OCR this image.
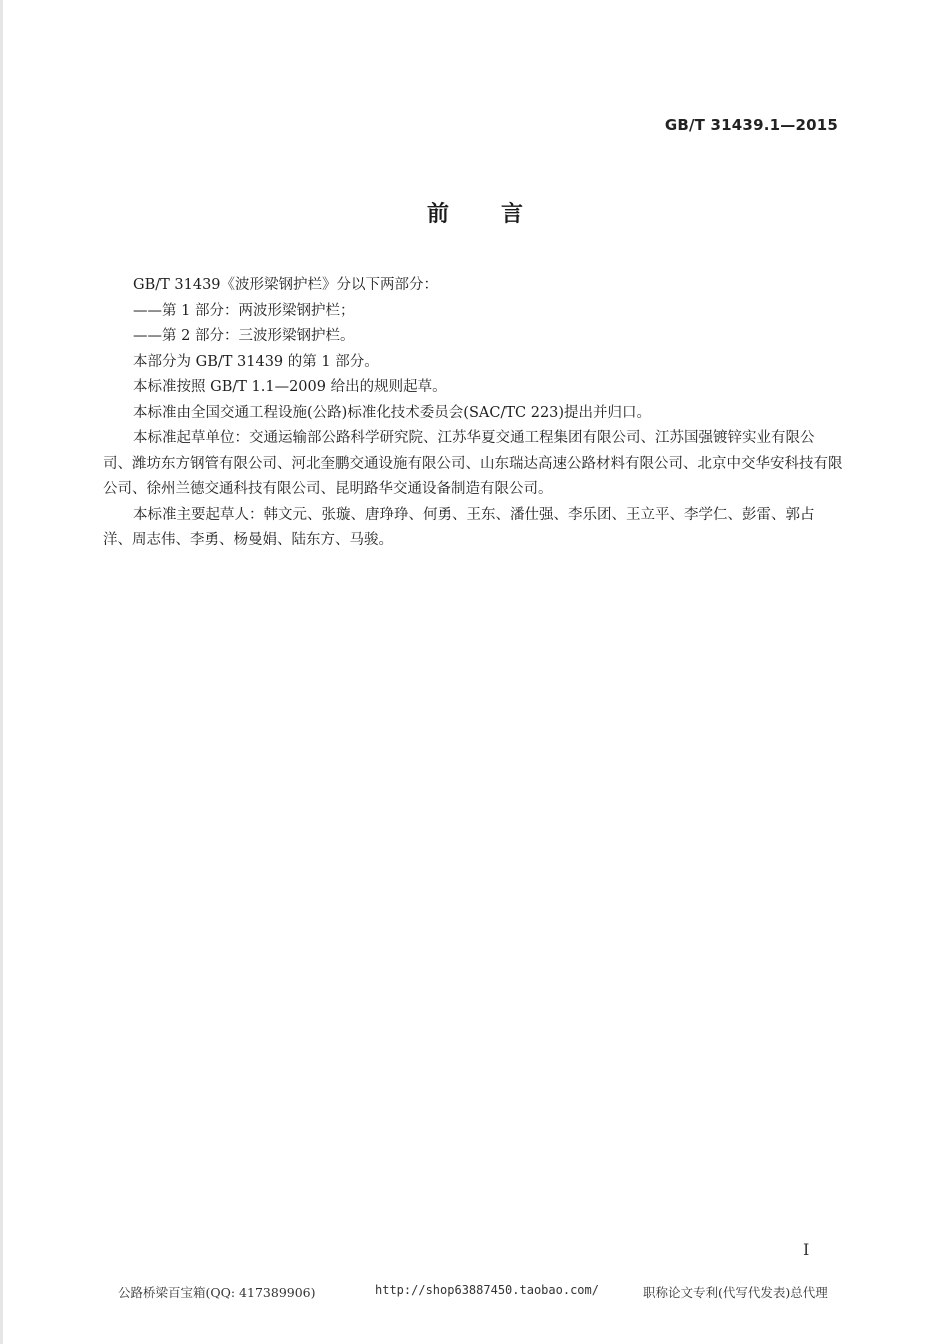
GB/T 31439.1—2015
前言

GB/T 31439《波形梁钢护栏》分以下两部分：

——第 1 部分：两波形梁钢护栏；

——第 2 部分：三波形梁钢护栏。

本部分为 GB/T 31439 的第 1 部分。

本标准按照 GB/T 1.1—2009 给出的规则起草。

本标准由全国交通工程设施(公路)标准化技术委员会(SAC/TC 223)提出并归口。

本标准起草单位：交通运输部公路科学研究院、江苏华夏交通工程集团有限公司、江苏国强镀锌实业有限公司、潍坊东方钢管有限公司、河北奎鹏交通设施有限公司、山东瑞达高速公路材料有限公司、北京中交华安科技有限公司、徐州兰德交通科技有限公司、昆明路华交通设备制造有限公司。

本标准主要起草人：韩文元、张璇、唐琤琤、何勇、王东、潘仕强、李乐团、王立平、李学仁、彭雷、郭占洋、周志伟、李勇、杨曼娟、陆东方、马骏。

I
公路桥梁百宝箱(QQ: 417389906)	http://shop63887450.taobao.com/	职称论文专利(代写代发表)总代理
